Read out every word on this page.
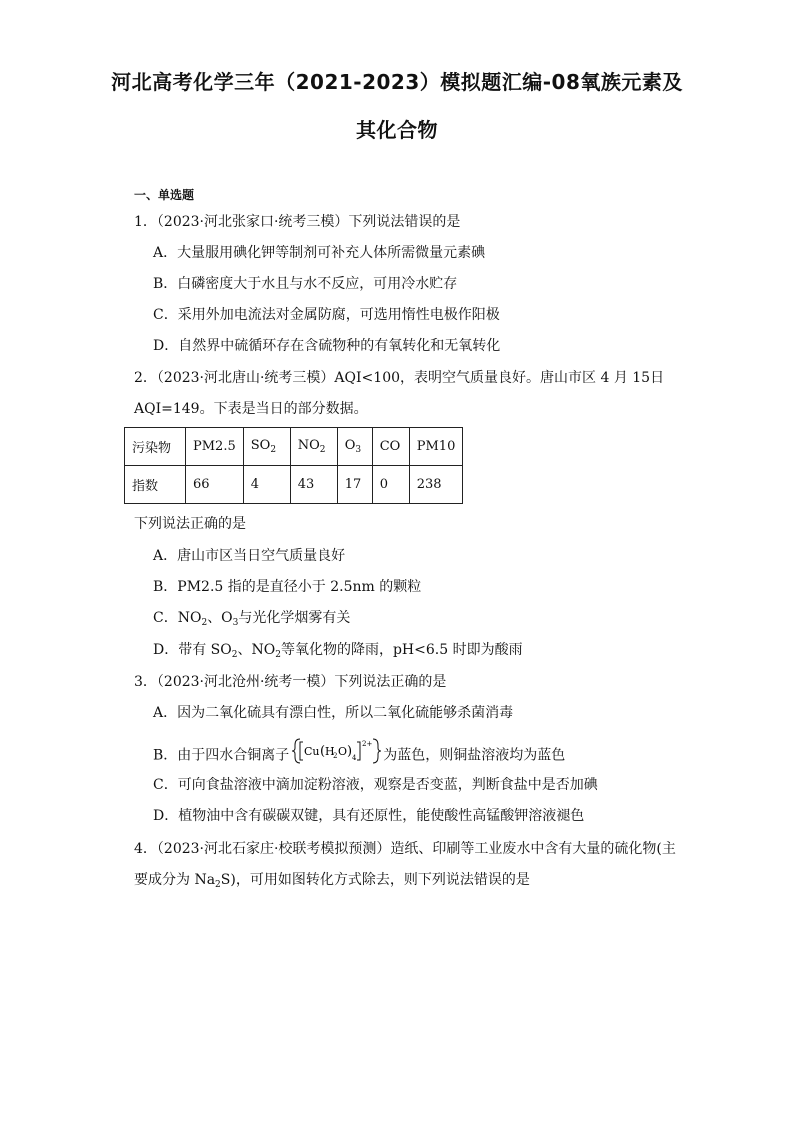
河北高考化学三年（2021-2023）模拟题汇编-08氧族元素及
其化合物
一、单选题
1．（2023·河北张家口·统考三模）下列说法错误的是
A．大量服用碘化钾等制剂可补充人体所需微量元素碘
B．白磷密度大于水且与水不反应，可用冷水贮存
C．采用外加电流法对金属防腐，可选用惰性电极作阳极
D．自然界中硫循环存在含硫物种的有氧转化和无氧转化
2．（2023·河北唐山·统考三模）AQI<100，表明空气质量良好。唐山市区 4 月 15日
AQI=149。下表是当日的部分数据。
污染物	PM2.5	$SO_2$	$NO_2$	$O_3$	CO	PM10
指数	66	4	43	17	0	238
下列说法正确的是
A．唐山市区当日空气质量良好
B．PM2.5 指的是直径小于 2.5nm 的颗粒
C．$NO_2$、$O_3$与光化学烟雾有关
D．带有 $SO_2$、$NO_2$等氧化物的降雨，pH<6.5 时即为酸雨
3．（2023·河北沧州·统考一模）下列说法正确的是
A．因为二氧化硫具有漂白性，所以二氧化硫能够杀菌消毒
B．由于四水合铜离子 Cu ( H
2 O ) 4
2+
为蓝色，则铜盐溶液均为蓝色
C．可向食盐溶液中滴加淀粉溶液，观察是否变蓝，判断食盐中是否加碘
D．植物油中含有碳碳双键，具有还原性，能使酸性高锰酸钾溶液褪色
4．（2023·河北石家庄·校联考模拟预测）造纸、印刷等工业废水中含有大量的硫化物(主
要成分为 $Na_2S$)，可用如图转化方式除去，则下列说法错误的是
